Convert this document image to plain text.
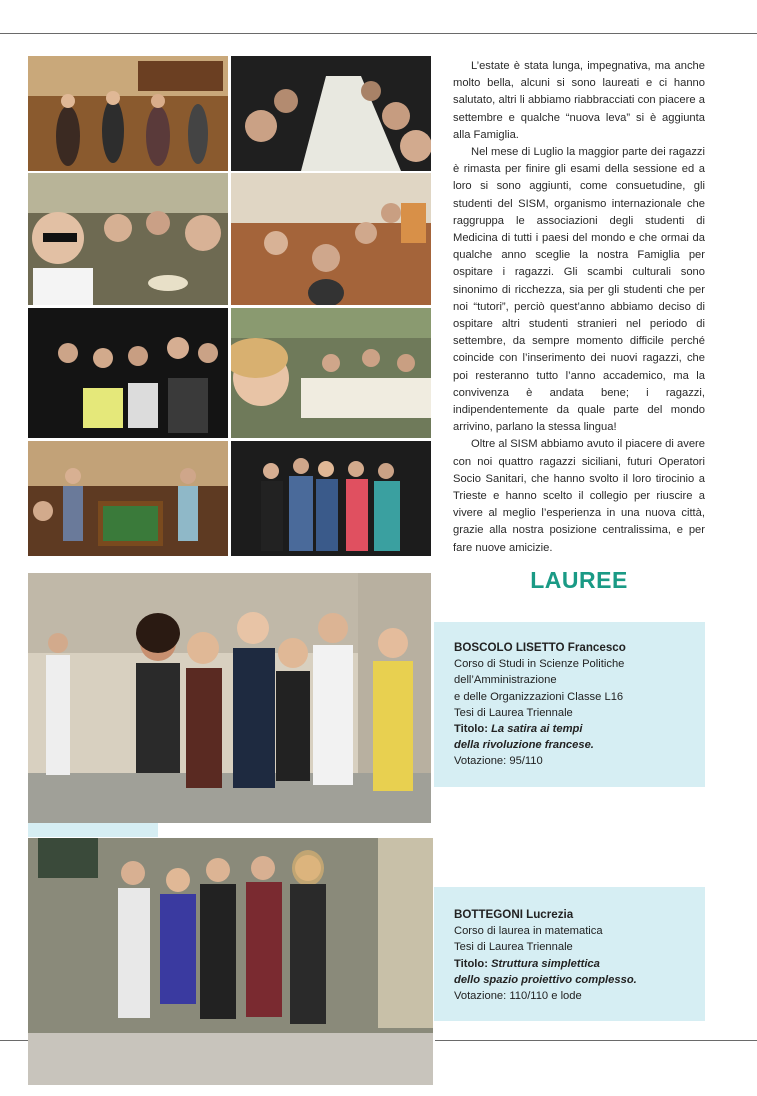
L’estate è stata lunga, impegnativa, ma anche molto bella, alcuni si sono laureati e ci hanno salutato, altri li abbiamo riabbracciati con piacere a settembre e qualche “nuova leva” si è aggiunta alla Famiglia.

Nel mese di Luglio la maggior parte dei ragazzi è rimasta per finire gli esami della sessione ed a loro si sono aggiunti, come consuetudine, gli studenti del SISM, organismo internazionale che raggruppa le associazioni degli studenti di Medicina di tutti i paesi del mondo e che ormai da qualche anno sceglie la nostra Famiglia per ospitare i ragazzi. Gli scambi culturali sono sinonimo di ricchezza, sia per gli studenti che per noi “tutori”, perciò quest’anno abbiamo deciso di ospitare altri studenti stranieri nel periodo di settembre, da sempre momento difficile perché coincide con l’inserimento dei nuovi ragazzi, che poi resteranno tutto l’anno accademico, ma la convivenza è andata bene; i ragazzi, indipendentemente da quale parte del mondo arrivino, parlano la stessa lingua!

Oltre al SISM abbiamo avuto il piacere di avere con noi quattro ragazzi siciliani, futuri Operatori Socio Sanitari, che hanno svolto il loro tirocinio a Trieste e hanno scelto il collegio per riuscire a vivere al meglio l’esperienza in una nuova città, grazie alla nostra posizione centralissima, e per fare nuove amicizie.

LAUREE
BOSCOLO LISETTO Francesco
Corso di Studi in Scienze Politiche
dell’Amministrazione
e delle Organizzazioni Classe L16
Tesi di Laurea Triennale
Titolo: La satira ai tempi
della rivoluzione francese.
Votazione: 95/110
BOTTEGONI Lucrezia
Corso di laurea in matematica
Tesi di Laurea Triennale
Titolo: Struttura simplettica
dello spazio proiettivo complesso.
Votazione: 110/110 e lode
